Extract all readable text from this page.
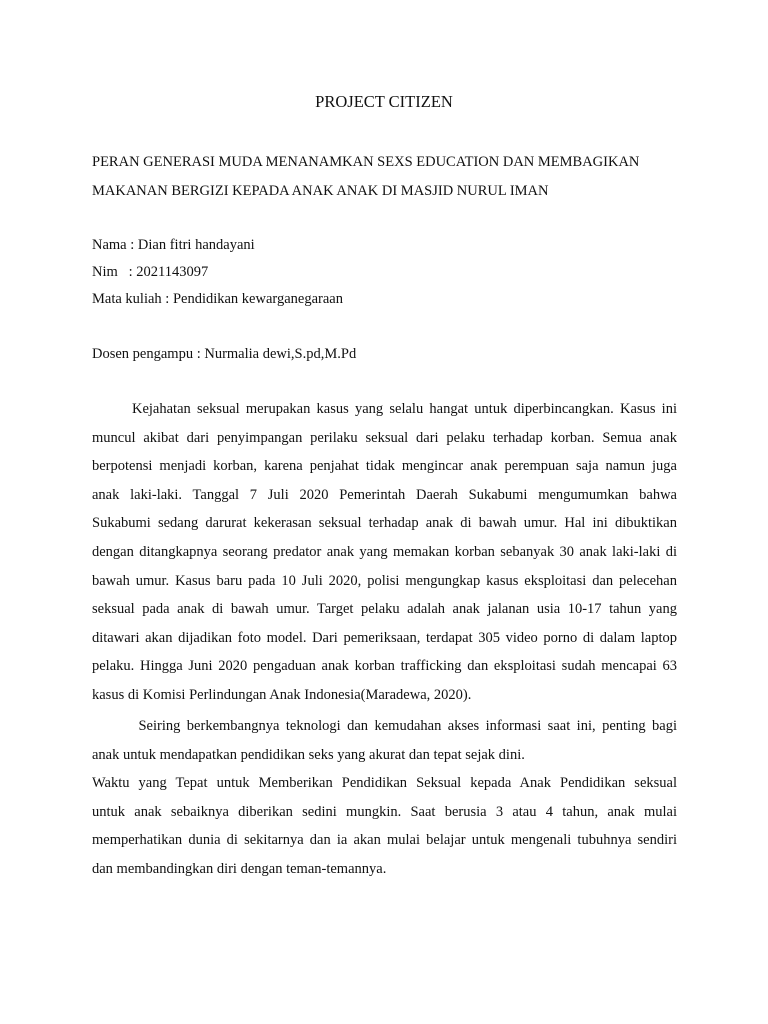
PROJECT CITIZEN

PERAN GENERASI MUDA MENANAMKAN SEXS EDUCATION DAN MEMBAGIKAN

MAKANAN BERGIZI KEPADA ANAK ANAK DI MASJID NURUL IMAN

Nama : Dian fitri handayani

Nim   : 2021143097

Mata kuliah : Pendidikan kewarganegaraan

Dosen pengampu : Nurmalia dewi,S.pd,M.Pd

Kejahatan seksual merupakan kasus yang selalu hangat untuk diperbincangkan. Kasus ini
muncul akibat dari penyimpangan perilaku seksual dari pelaku terhadap korban. Semua anak
berpotensi menjadi korban, karena penjahat tidak mengincar anak perempuan saja namun juga
anak laki-laki. Tanggal 7 Juli 2020 Pemerintah Daerah Sukabumi mengumumkan bahwa
Sukabumi sedang darurat kekerasan seksual terhadap anak di bawah umur. Hal ini dibuktikan
dengan ditangkapnya seorang predator anak yang memakan korban sebanyak 30 anak laki-laki di
bawah umur. Kasus baru pada 10 Juli 2020, polisi mengungkap kasus eksploitasi dan pelecehan
seksual pada anak di bawah umur. Target pelaku adalah anak jalanan usia 10-17 tahun yang
ditawari akan dijadikan foto model. Dari pemeriksaan, terdapat 305 video porno di dalam laptop
pelaku. Hingga Juni 2020 pengaduan anak korban trafficking dan eksploitasi sudah mencapai 63
kasus di Komisi Perlindungan Anak Indonesia(Maradewa, 2020).
Seiring berkembangnya teknologi dan kemudahan akses informasi saat ini, penting bagi
anak untuk mendapatkan pendidikan seks yang akurat dan tepat sejak dini.
Waktu yang Tepat untuk Memberikan Pendidikan Seksual kepada Anak Pendidikan seksual
untuk anak sebaiknya diberikan sedini mungkin. Saat berusia 3 atau 4 tahun, anak mulai
memperhatikan dunia di sekitarnya dan ia akan mulai belajar untuk mengenali tubuhnya sendiri
dan membandingkan diri dengan teman-temannya.
